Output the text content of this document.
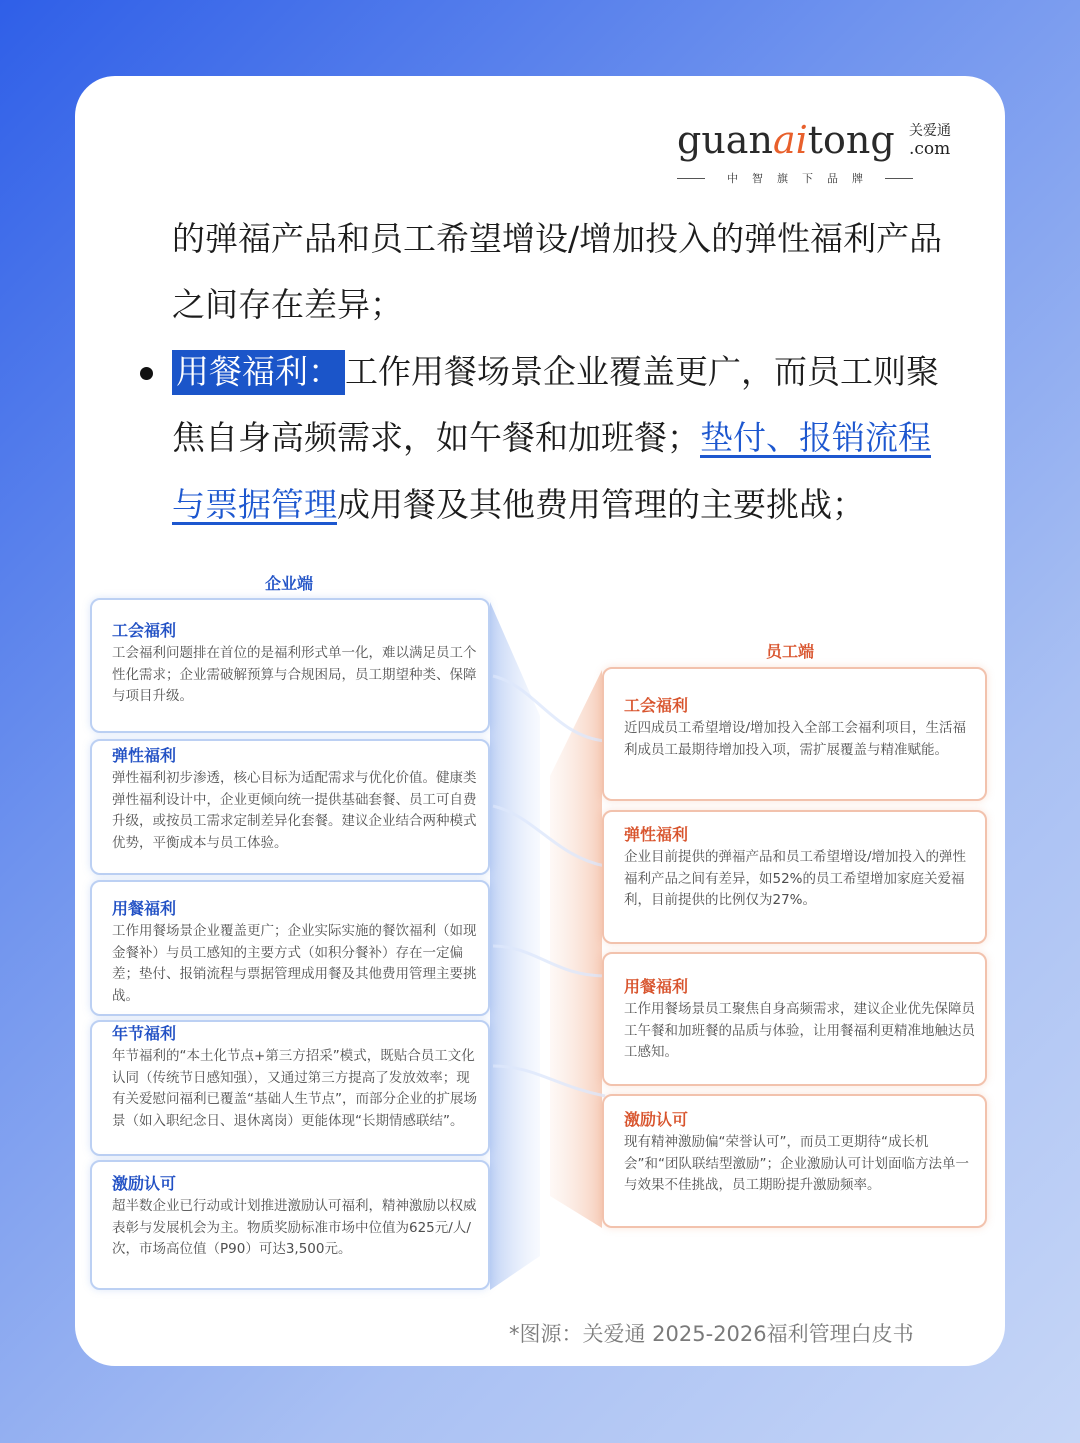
guanaitong 关爱通
.com
中智旗下品牌
的弹福产品和员工希望增设/增加投入的弹性福利产品
之间存在差异；
用餐福利： 工作用餐场景企业覆盖更广，而员工则聚
焦自身高频需求，如午餐和加班餐；垫付、报销流程
与票据管理成用餐及其他费用管理的主要挑战；
企业端
员工端
工会福利

工会福利问题排在首位的是福利形式单一化，难以满足员工个性化需求；企业需破解预算与合规困局，员工期望种类、保障与项目升级。

弹性福利

弹性福利初步渗透，核心目标为适配需求与优化价值。健康类弹性福利设计中，企业更倾向统一提供基础套餐、员工可自费升级，或按员工需求定制差异化套餐。建议企业结合两种模式优势，平衡成本与员工体验。

用餐福利

工作用餐场景企业覆盖更广；企业实际实施的餐饮福利（如现金餐补）与员工感知的主要方式（如积分餐补）存在一定偏差；垫付、报销流程与票据管理成用餐及其他费用管理主要挑战。

年节福利

年节福利的“本土化节点+第三方招采”模式，既贴合员工文化认同（传统节日感知强），又通过第三方提高了发放效率；现有关爱慰问福利已覆盖“基础人生节点”，而部分企业的扩展场景（如入职纪念日、退休离岗）更能体现“长期情感联结”。

激励认可

超半数企业已行动或计划推进激励认可福利，精神激励以权威表彰与发展机会为主。物质奖励标准市场中位值为625元/人/次，市场高位值（P90）可达3,500元。

工会福利

近四成员工希望增设/增加投入全部工会福利项目，生活福利成员工最期待增加投入项，需扩展覆盖与精准赋能。

弹性福利

企业目前提供的弹福产品和员工希望增设/增加投入的弹性福利产品之间有差异，如52%的员工希望增加家庭关爱福利，目前提供的比例仅为27%。

用餐福利

工作用餐场景员工聚焦自身高频需求，建议企业优先保障员工午餐和加班餐的品质与体验，让用餐福利更精准地触达员工感知。

激励认可

现有精神激励偏“荣誉认可”，而员工更期待“成长机会”和“团队联结型激励”；企业激励认可计划面临方法单一与效果不佳挑战，员工期盼提升激励频率。

*图源：关爱通 2025-2026福利管理白皮书
